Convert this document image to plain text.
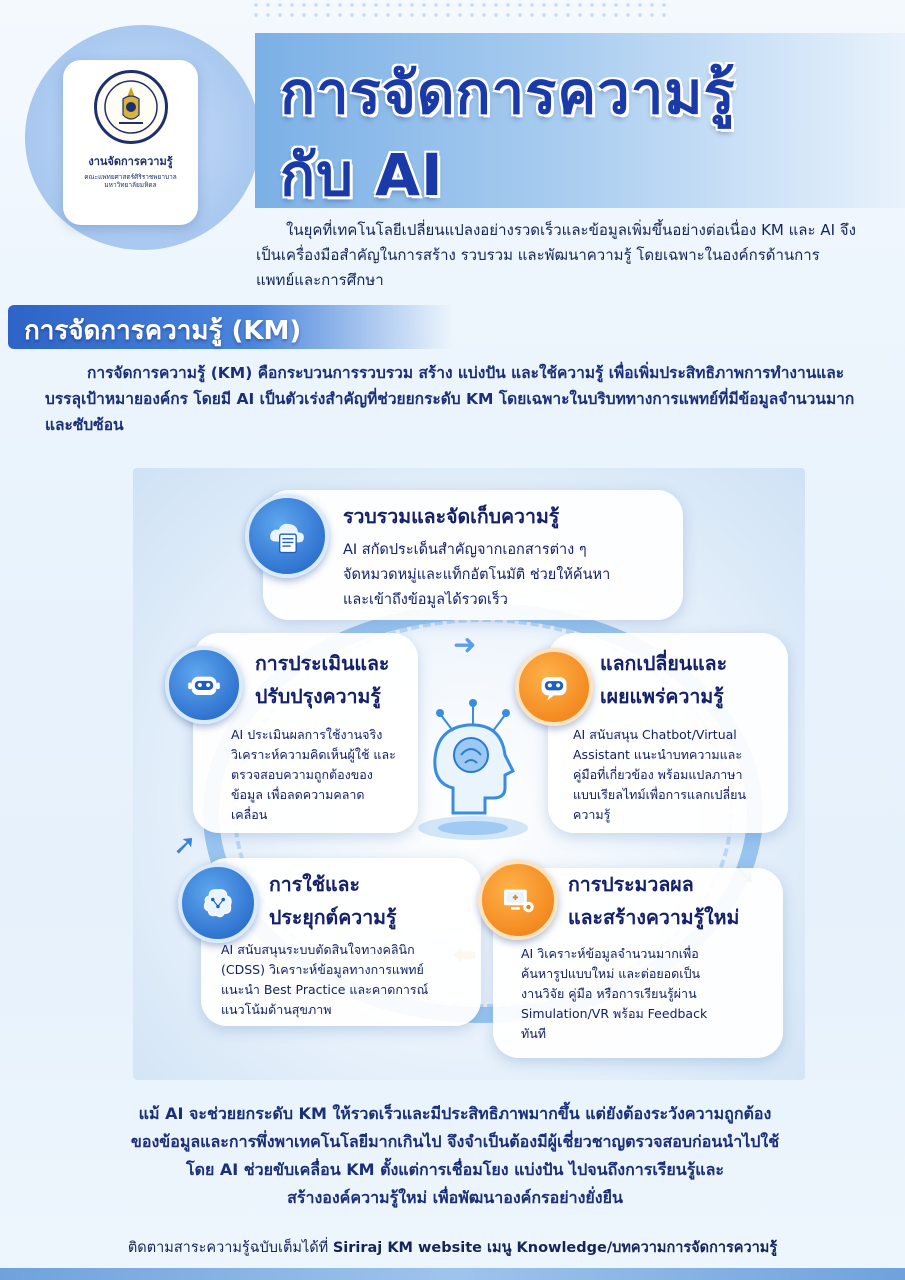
งานจัดการความรู้
คณะแพทยศาสตร์ศิริราชพยาบาล
มหาวิทยาลัยมหิดล
การจัดการความรู้
กับ AI

ในยุคที่เทคโนโลยีเปลี่ยนแปลงอย่างรวดเร็วและข้อมูลเพิ่มขึ้นอย่างต่อเนื่อง KM และ AI จึงเป็นเครื่องมือสำคัญในการสร้าง รวบรวม และพัฒนาความรู้ โดยเฉพาะในองค์กรด้านการแพทย์และการศึกษา

การจัดการความรู้ (KM)

การจัดการความรู้ (KM) คือกระบวนการรวบรวม สร้าง แบ่งปัน และใช้ความรู้ เพื่อเพิ่มประสิทธิภาพการทำงานและบรรลุเป้าหมายองค์กร โดยมี AI เป็นตัวเร่งสำคัญที่ช่วยยกระดับ KM โดยเฉพาะในบริบททางการแพทย์ที่มีข้อมูลจำนวนมากและซับซ้อน

➜
➚
รวบรวมและจัดเก็บความรู้
AI สกัดประเด็นสำคัญจากเอกสารต่าง ๆ
จัดหมวดหมู่และแท็กอัตโนมัติ ช่วยให้ค้นหา
และเข้าถึงข้อมูลได้รวดเร็ว
การประเมินและ
ปรับปรุงความรู้
AI ประเมินผลการใช้งานจริง
วิเคราะห์ความคิดเห็นผู้ใช้ และ
ตรวจสอบความถูกต้องของ
ข้อมูล เพื่อลดความคลาด
เคลื่อน
แลกเปลี่ยนและ
เผยแพร่ความรู้
AI สนับสนุน Chatbot/Virtual
Assistant แนะนำบทความและ
คู่มือที่เกี่ยวข้อง พร้อมแปลภาษา
แบบเรียลไทม์เพื่อการแลกเปลี่ยน
ความรู้
การใช้และ
ประยุกต์ความรู้
AI สนับสนุนระบบตัดสินใจทางคลินิก
(CDSS) วิเคราะห์ข้อมูลทางการแพทย์
แนะนำ Best Practice และคาดการณ์
แนวโน้มด้านสุขภาพ
การประมวลผล
และสร้างความรู้ใหม่
AI วิเคราะห์ข้อมูลจำนวนมากเพื่อ
ค้นหารูปแบบใหม่ และต่อยอดเป็น
งานวิจัย คู่มือ หรือการเรียนรู้ผ่าน
Simulation/VR พร้อม Feedback
ทันที
แม้ AI จะช่วยยกระดับ KM ให้รวดเร็วและมีประสิทธิภาพมากขึ้น แต่ยังต้องระวังความถูกต้อง
ของข้อมูลและการพึ่งพาเทคโนโลยีมากเกินไป จึงจำเป็นต้องมีผู้เชี่ยวชาญตรวจสอบก่อนนำไปใช้
โดย AI ช่วยขับเคลื่อน KM ตั้งแต่การเชื่อมโยง แบ่งปัน ไปจนถึงการเรียนรู้และ
สร้างองค์ความรู้ใหม่ เพื่อพัฒนาองค์กรอย่างยั่งยืน
ติดตามสาระความรู้ฉบับเต็มได้ที่ Siriraj KM website เมนู Knowledge/บทความการจัดการความรู้
